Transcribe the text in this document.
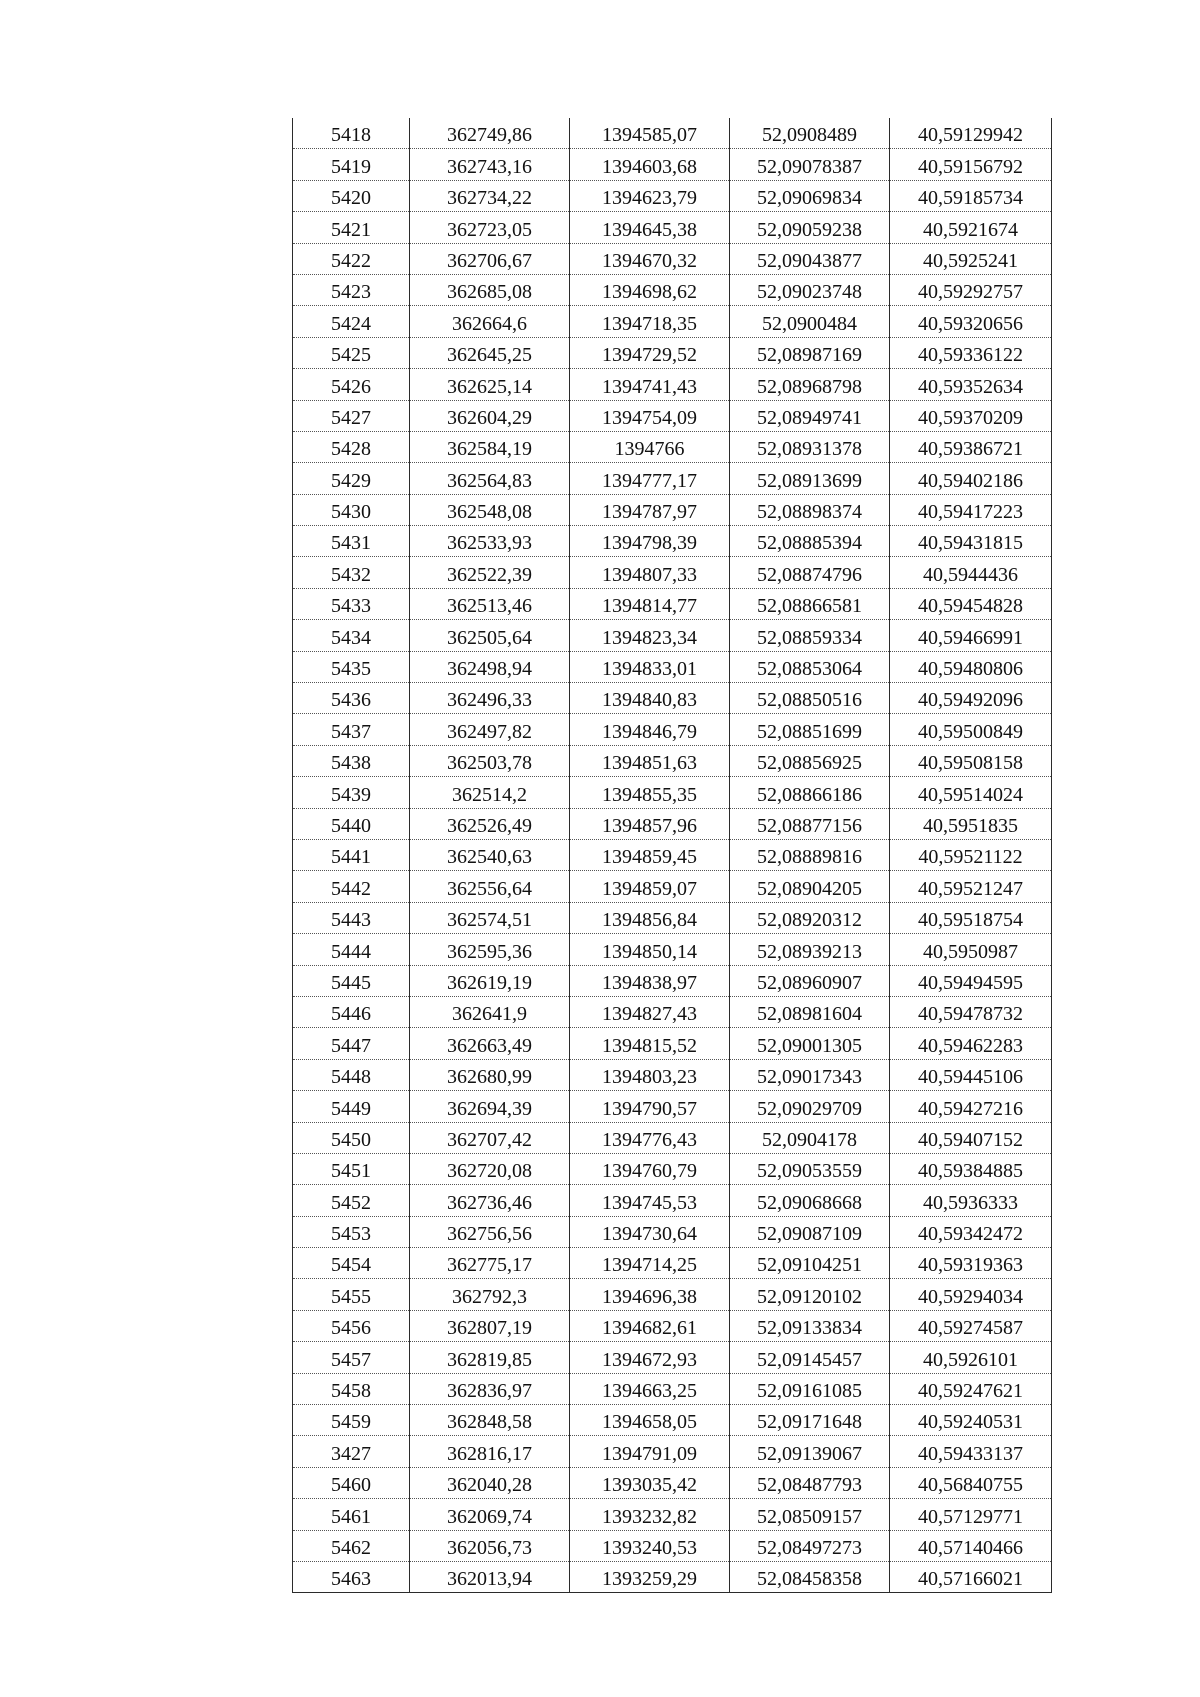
5418	362749,86	1394585,07	52,0908489	40,59129942
5419	362743,16	1394603,68	52,09078387	40,59156792
5420	362734,22	1394623,79	52,09069834	40,59185734
5421	362723,05	1394645,38	52,09059238	40,5921674
5422	362706,67	1394670,32	52,09043877	40,5925241
5423	362685,08	1394698,62	52,09023748	40,59292757
5424	362664,6	1394718,35	52,0900484	40,59320656
5425	362645,25	1394729,52	52,08987169	40,59336122
5426	362625,14	1394741,43	52,08968798	40,59352634
5427	362604,29	1394754,09	52,08949741	40,59370209
5428	362584,19	1394766	52,08931378	40,59386721
5429	362564,83	1394777,17	52,08913699	40,59402186
5430	362548,08	1394787,97	52,08898374	40,59417223
5431	362533,93	1394798,39	52,08885394	40,59431815
5432	362522,39	1394807,33	52,08874796	40,5944436
5433	362513,46	1394814,77	52,08866581	40,59454828
5434	362505,64	1394823,34	52,08859334	40,59466991
5435	362498,94	1394833,01	52,08853064	40,59480806
5436	362496,33	1394840,83	52,08850516	40,59492096
5437	362497,82	1394846,79	52,08851699	40,59500849
5438	362503,78	1394851,63	52,08856925	40,59508158
5439	362514,2	1394855,35	52,08866186	40,59514024
5440	362526,49	1394857,96	52,08877156	40,5951835
5441	362540,63	1394859,45	52,08889816	40,59521122
5442	362556,64	1394859,07	52,08904205	40,59521247
5443	362574,51	1394856,84	52,08920312	40,59518754
5444	362595,36	1394850,14	52,08939213	40,5950987
5445	362619,19	1394838,97	52,08960907	40,59494595
5446	362641,9	1394827,43	52,08981604	40,59478732
5447	362663,49	1394815,52	52,09001305	40,59462283
5448	362680,99	1394803,23	52,09017343	40,59445106
5449	362694,39	1394790,57	52,09029709	40,59427216
5450	362707,42	1394776,43	52,0904178	40,59407152
5451	362720,08	1394760,79	52,09053559	40,59384885
5452	362736,46	1394745,53	52,09068668	40,5936333
5453	362756,56	1394730,64	52,09087109	40,59342472
5454	362775,17	1394714,25	52,09104251	40,59319363
5455	362792,3	1394696,38	52,09120102	40,59294034
5456	362807,19	1394682,61	52,09133834	40,59274587
5457	362819,85	1394672,93	52,09145457	40,5926101
5458	362836,97	1394663,25	52,09161085	40,59247621
5459	362848,58	1394658,05	52,09171648	40,59240531
3427	362816,17	1394791,09	52,09139067	40,59433137
5460	362040,28	1393035,42	52,08487793	40,56840755
5461	362069,74	1393232,82	52,08509157	40,57129771
5462	362056,73	1393240,53	52,08497273	40,57140466
5463	362013,94	1393259,29	52,08458358	40,57166021
